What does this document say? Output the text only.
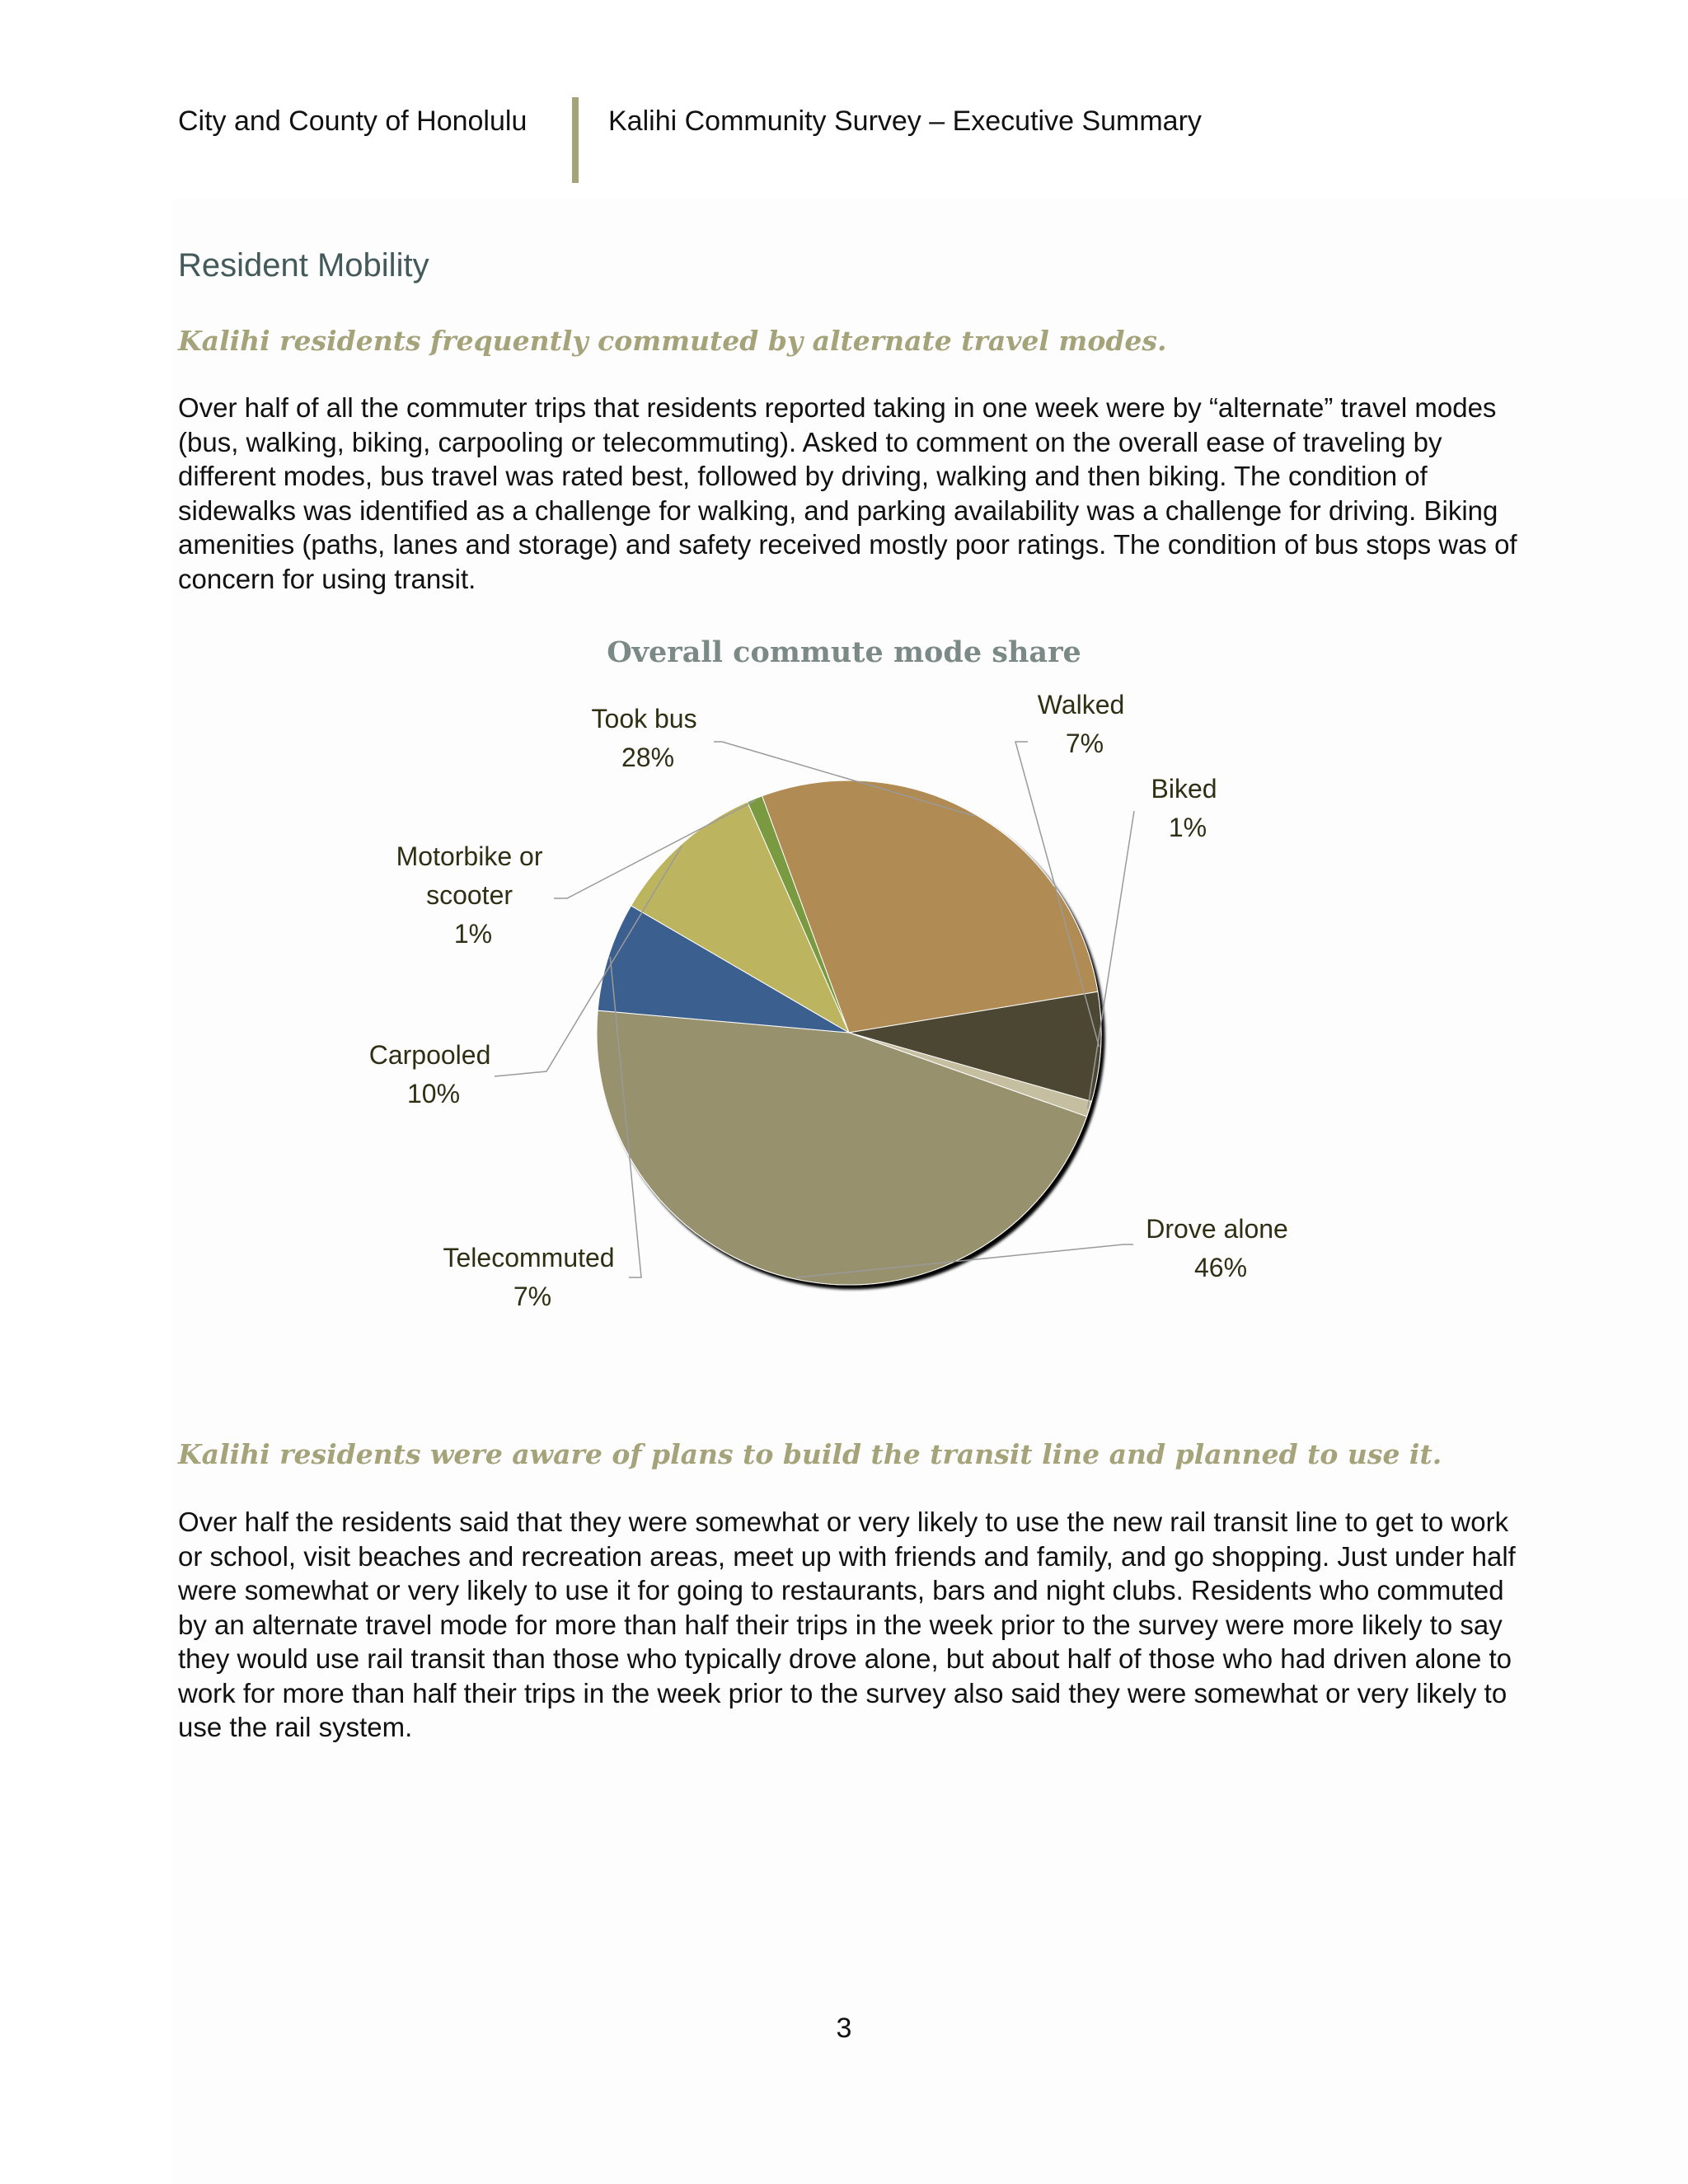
City and County of Honolulu	Kalihi Community Survey – Executive Summary
Resident Mobility
Kalihi residents frequently commuted by alternate travel modes.
Over half of all the commuter trips that residents reported taking in one week were by “alternate” travel modes (bus, walking, biking, carpooling or telecommuting). Asked to comment on the overall ease of traveling by different modes, bus travel was rated best, followed by driving, walking and then biking. The condition of sidewalks was identified as a challenge for walking, and parking availability was a challenge for driving. Biking amenities (paths, lanes and storage) and safety received mostly poor ratings. The condition of bus stops was of concern for using transit.
Overall commute mode share
Took bus 28%
Walked 7%
Biked 1%
Drove alone 46%
Telecommuted 7%
Carpooled 10%
Motorbike or scooter 1%
Kalihi residents were aware of plans to build the transit line and planned to use it.
Over half the residents said that they were somewhat or very likely to use the new rail transit line to get to work or school, visit beaches and recreation areas, meet up with friends and family, and go shopping. Just under half were somewhat or very likely to use it for going to restaurants, bars and night clubs. Residents who commuted by an alternate travel mode for more than half their trips in the week prior to the survey were more likely to say they would use rail transit than those who typically drove alone, but about half of those who had driven alone to work for more than half their trips in the week prior to the survey also said they were somewhat or very likely to use the rail system.
3
